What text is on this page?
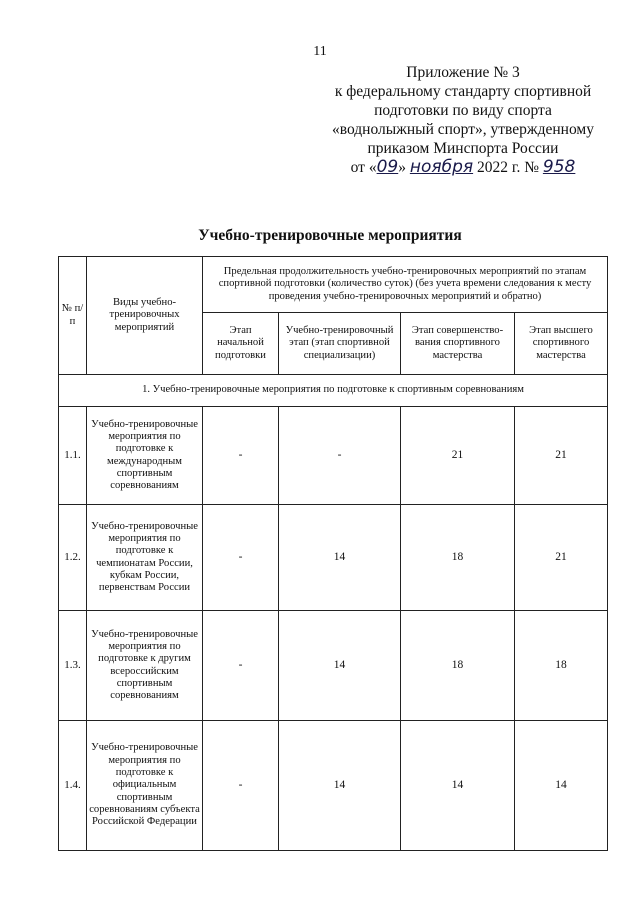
11
Приложение № 3
к федеральному стандарту спортивной
подготовки по виду спорта
«воднолыжный спорт», утвержденному
приказом Минспорта России
от «09» ноября 2022 г. № 958
Учебно-тренировочные мероприятия
№ п/п	Виды учебно-тренировочных мероприятий	Предельная продолжительность учебно-тренировочных мероприятий по этапам спортивной подготовки (количество суток) (без учета времени следования к месту проведения учебно-тренировочных мероприятий и обратно)			
		Этап начальной подготовки	Учебно-тренировочный этап (этап спортивной специализации)	Этап совершенство-вания спортивного мастерства	Этап высшего спортивного мастерства
1. Учебно-тренировочные мероприятия по подготовке к спортивным соревнованиям					
1.1.	Учебно-тренировочные мероприятия по подготовке к международным спортивным соревнованиям	-	-	21	21
1.2.	Учебно-тренировочные мероприятия по подготовке к чемпионатам России, кубкам России, первенствам России	-	14	18	21
1.3.	Учебно-тренировочные мероприятия по подготовке к другим всероссийским спортивным соревнованиям	-	14	18	18
1.4.	Учебно-тренировочные мероприятия по подготовке к официальным спортивным соревнованиям субъекта Российской Федерации	-	14	14	14
